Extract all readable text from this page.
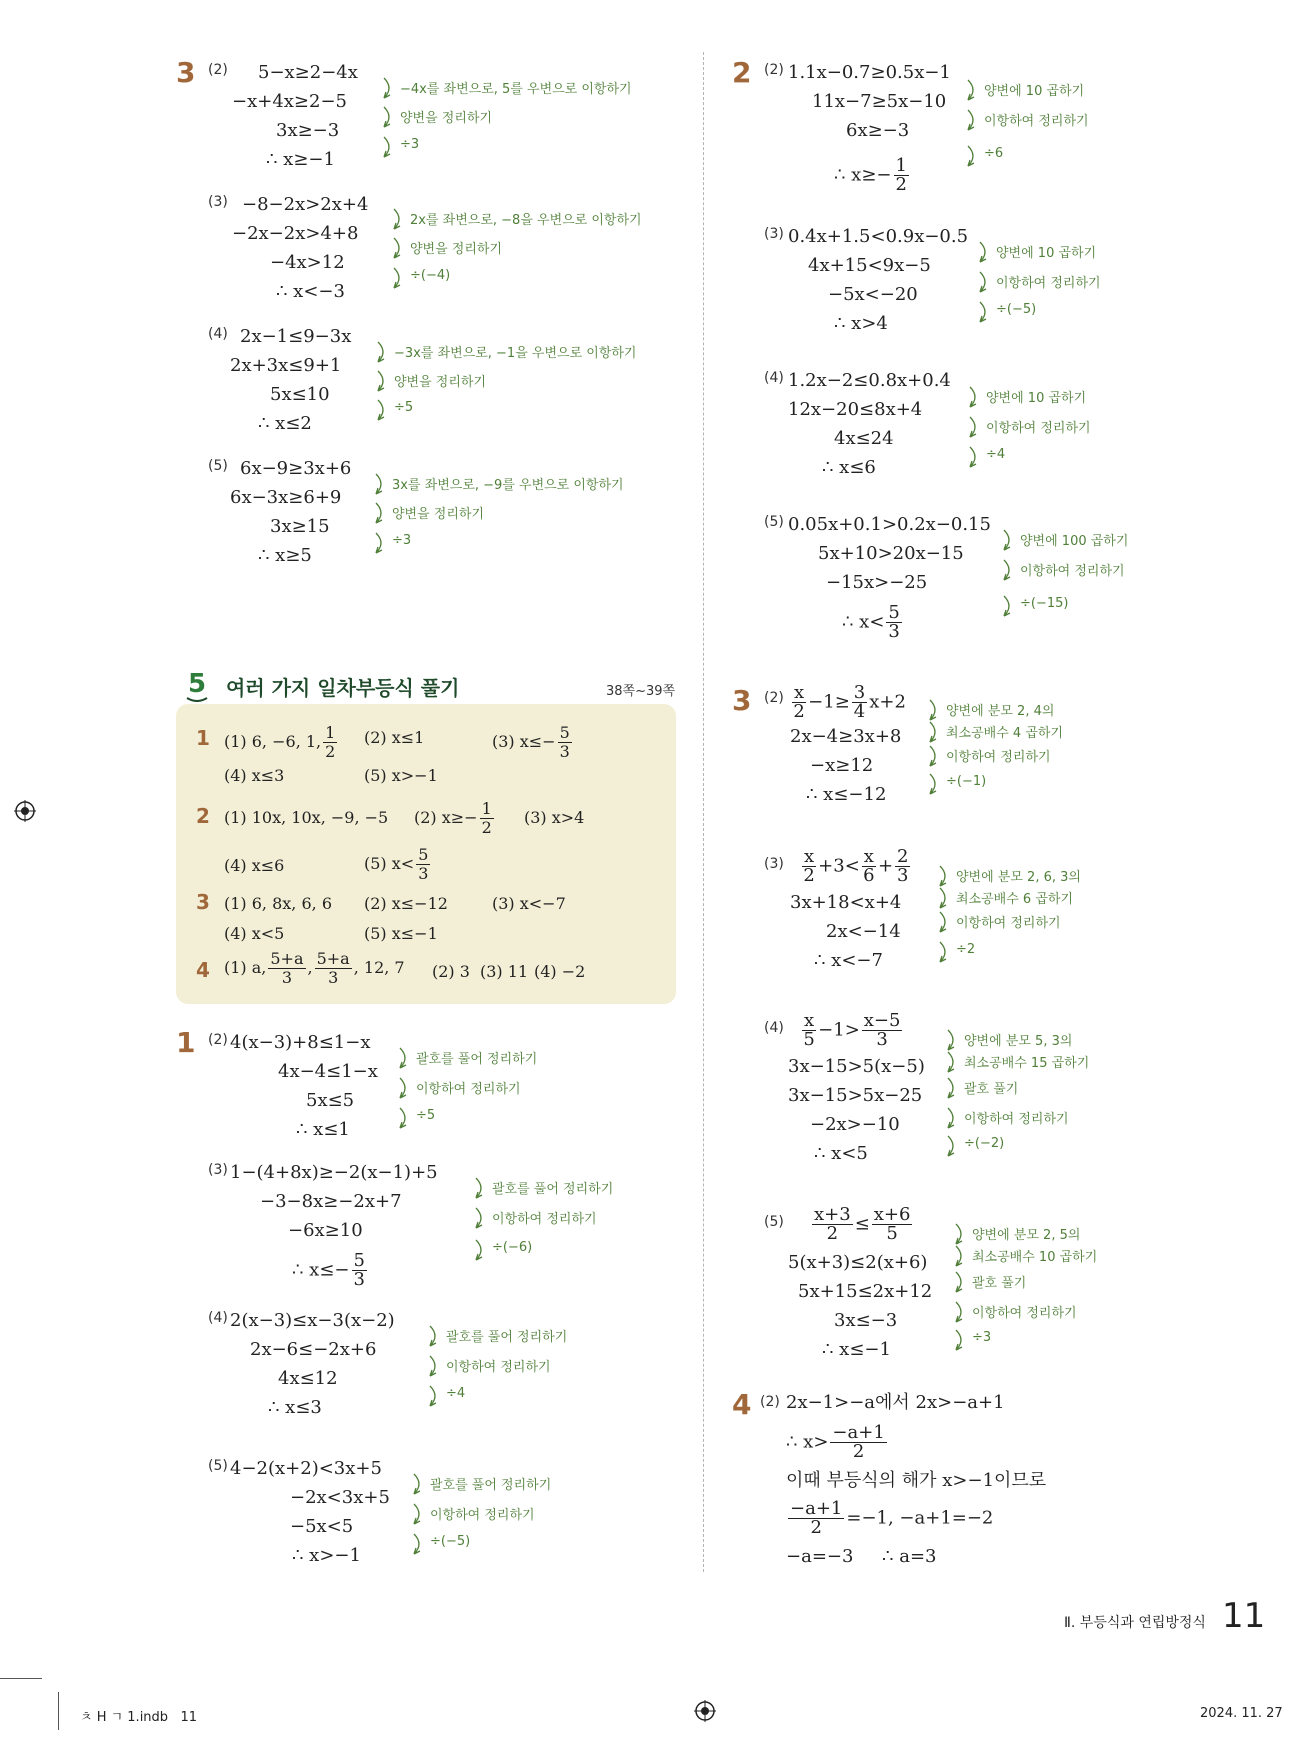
3 (2) 5−x≥2−4x
−x+4x≥2−5
3x≥−3
∴ x≥−1
−4x를 좌변으로, 5를 우변으로 이항하기
양변을 정리하기
÷3
(3) −8−2x>2x+4
−2x−2x>4+8
−4x>12
∴ x<−3
2x를 좌변으로, −8을 우변으로 이항하기
양변을 정리하기
÷(−4)
(4) 2x−1≤9−3x
2x+3x≤9+1
5x≤10
∴ x≤2
−3x를 좌변으로, −1을 우변으로 이항하기
양변을 정리하기
÷5
(5) 6x−9≥3x+6
6x−3x≥6+9
3x≥15
∴ x≥5
3x를 좌변으로, −9를 우변으로 이항하기
양변을 정리하기
÷3
5 여러 가지 일차부등식 풀기	38쪽~39쪽
1 (1) 6, −6, 1, $\frac{1}{2} (2)$ x≤1	(3) $x\le- \frac{5}{3}$
(4) x≤3	(5) x>−1
2 (1) 10x, 10x, −9, −5 (2) $x\ge- \frac{1}{2} (3)$ x>4
(4) x≤6	(5) $x< \frac{5}{3}$
3 (1) 6, 8x, 6, 6 (2) x≤−12	(3) x<−7
(4) x<5	(5) x≤−1
4 (1) a, $\frac{5+a}{3}$ , $\frac{5+a}{3}$ , 12, 7 (2) 3 (3) 11 (4) −2
1 (2) 4(x−3)+8≤1−x
4x−4≤1−x
5x≤5
∴ x≤1
괄호를 풀어 정리하기
이항하여 정리하기
÷5
(3) 1−(4+8x)≥−2(x−1)+5
−3−8x≥−2x+7
−6x≥10
∴ $x\le- \frac{5}{3}$
괄호를 풀어 정리하기
이항하여 정리하기
÷(−6)
(4) 2(x−3)≤x−3(x−2)
2x−6≤−2x+6
4x≤12
∴ x≤3
괄호를 풀어 정리하기
이항하여 정리하기
÷4
(5) 4−2(x+2)<3x+5
−2x<3x+5
−5x<5
∴ x>−1
괄호를 풀어 정리하기
이항하여 정리하기
÷(−5)
2 (2) 1.1x−0.7≥0.5x−1
11x−7≥5x−10
6x≥−3
∴ $x\ge- \frac{1}{2}$
양변에 10 곱하기
이항하여 정리하기
÷6
(3) 0.4x+1.5<0.9x−0.5
4x+15<9x−5
−5x<−20
∴ x>4
양변에 10 곱하기
이항하여 정리하기
÷(−5)
(4) 1.2x−2≤0.8x+0.4
12x−20≤8x+4
4x≤24
∴ x≤6
양변에 10 곱하기
이항하여 정리하기
÷4
(5) 0.05x+0.1>0.2x−0.15
5x+10>20x−15
−15x>−25
∴ $x< \frac{5}{3}$
양변에 100 곱하기
이항하여 정리하기
÷(−15)
3 (2)
2x−4≥3x+8
−x≥12
∴ x≤−12
양변에 분모 2, 4의
최소공배수 4 곱하기
이항하여 정리하기
÷(−1)
(3)
3x+18<x+4
2x<−14
∴ x<−7
양변에 분모 2, 6, 3의
최소공배수 6 곱하기
이항하여 정리하기
÷2
(4)
3x−15>5(x−5)
3x−15>5x−25
−2x>−10
∴ x<5
양변에 분모 5, 3의
최소공배수 15 곱하기
괄호 풀기
이항하여 정리하기
÷(−2)
(5)
5(x+3)≤2(x+6)
5x+15≤2x+12
3x≤−3
∴ x≤−1
양변에 분모 2, 5의
최소공배수 10 곱하기
괄호 풀기
이항하여 정리하기
÷3
$\frac{x}{2} -1\ge \frac{3}{4} x+2$
$\frac{x}{2} +3< \frac{x}{6} + \frac{2}{3}$
$\frac{x}{5} -1> \frac{x-5}{3}$
$\frac{x+3}{2} \le \frac{x+6}{5}$
4 (2) 2x−1>−a에서 2x>−a+1
∴ $x> \frac{-a+1}{2}$
이때 부등식의 해가 x>−1이므로
$\frac{-a+1}{2} =-1$, −a+1=−2
−a=−3     ∴ a=3
Ⅱ. 부등식과 연립방정식 11
ㅊ H ㄱ 1.indb   11	2024. 11. 27
